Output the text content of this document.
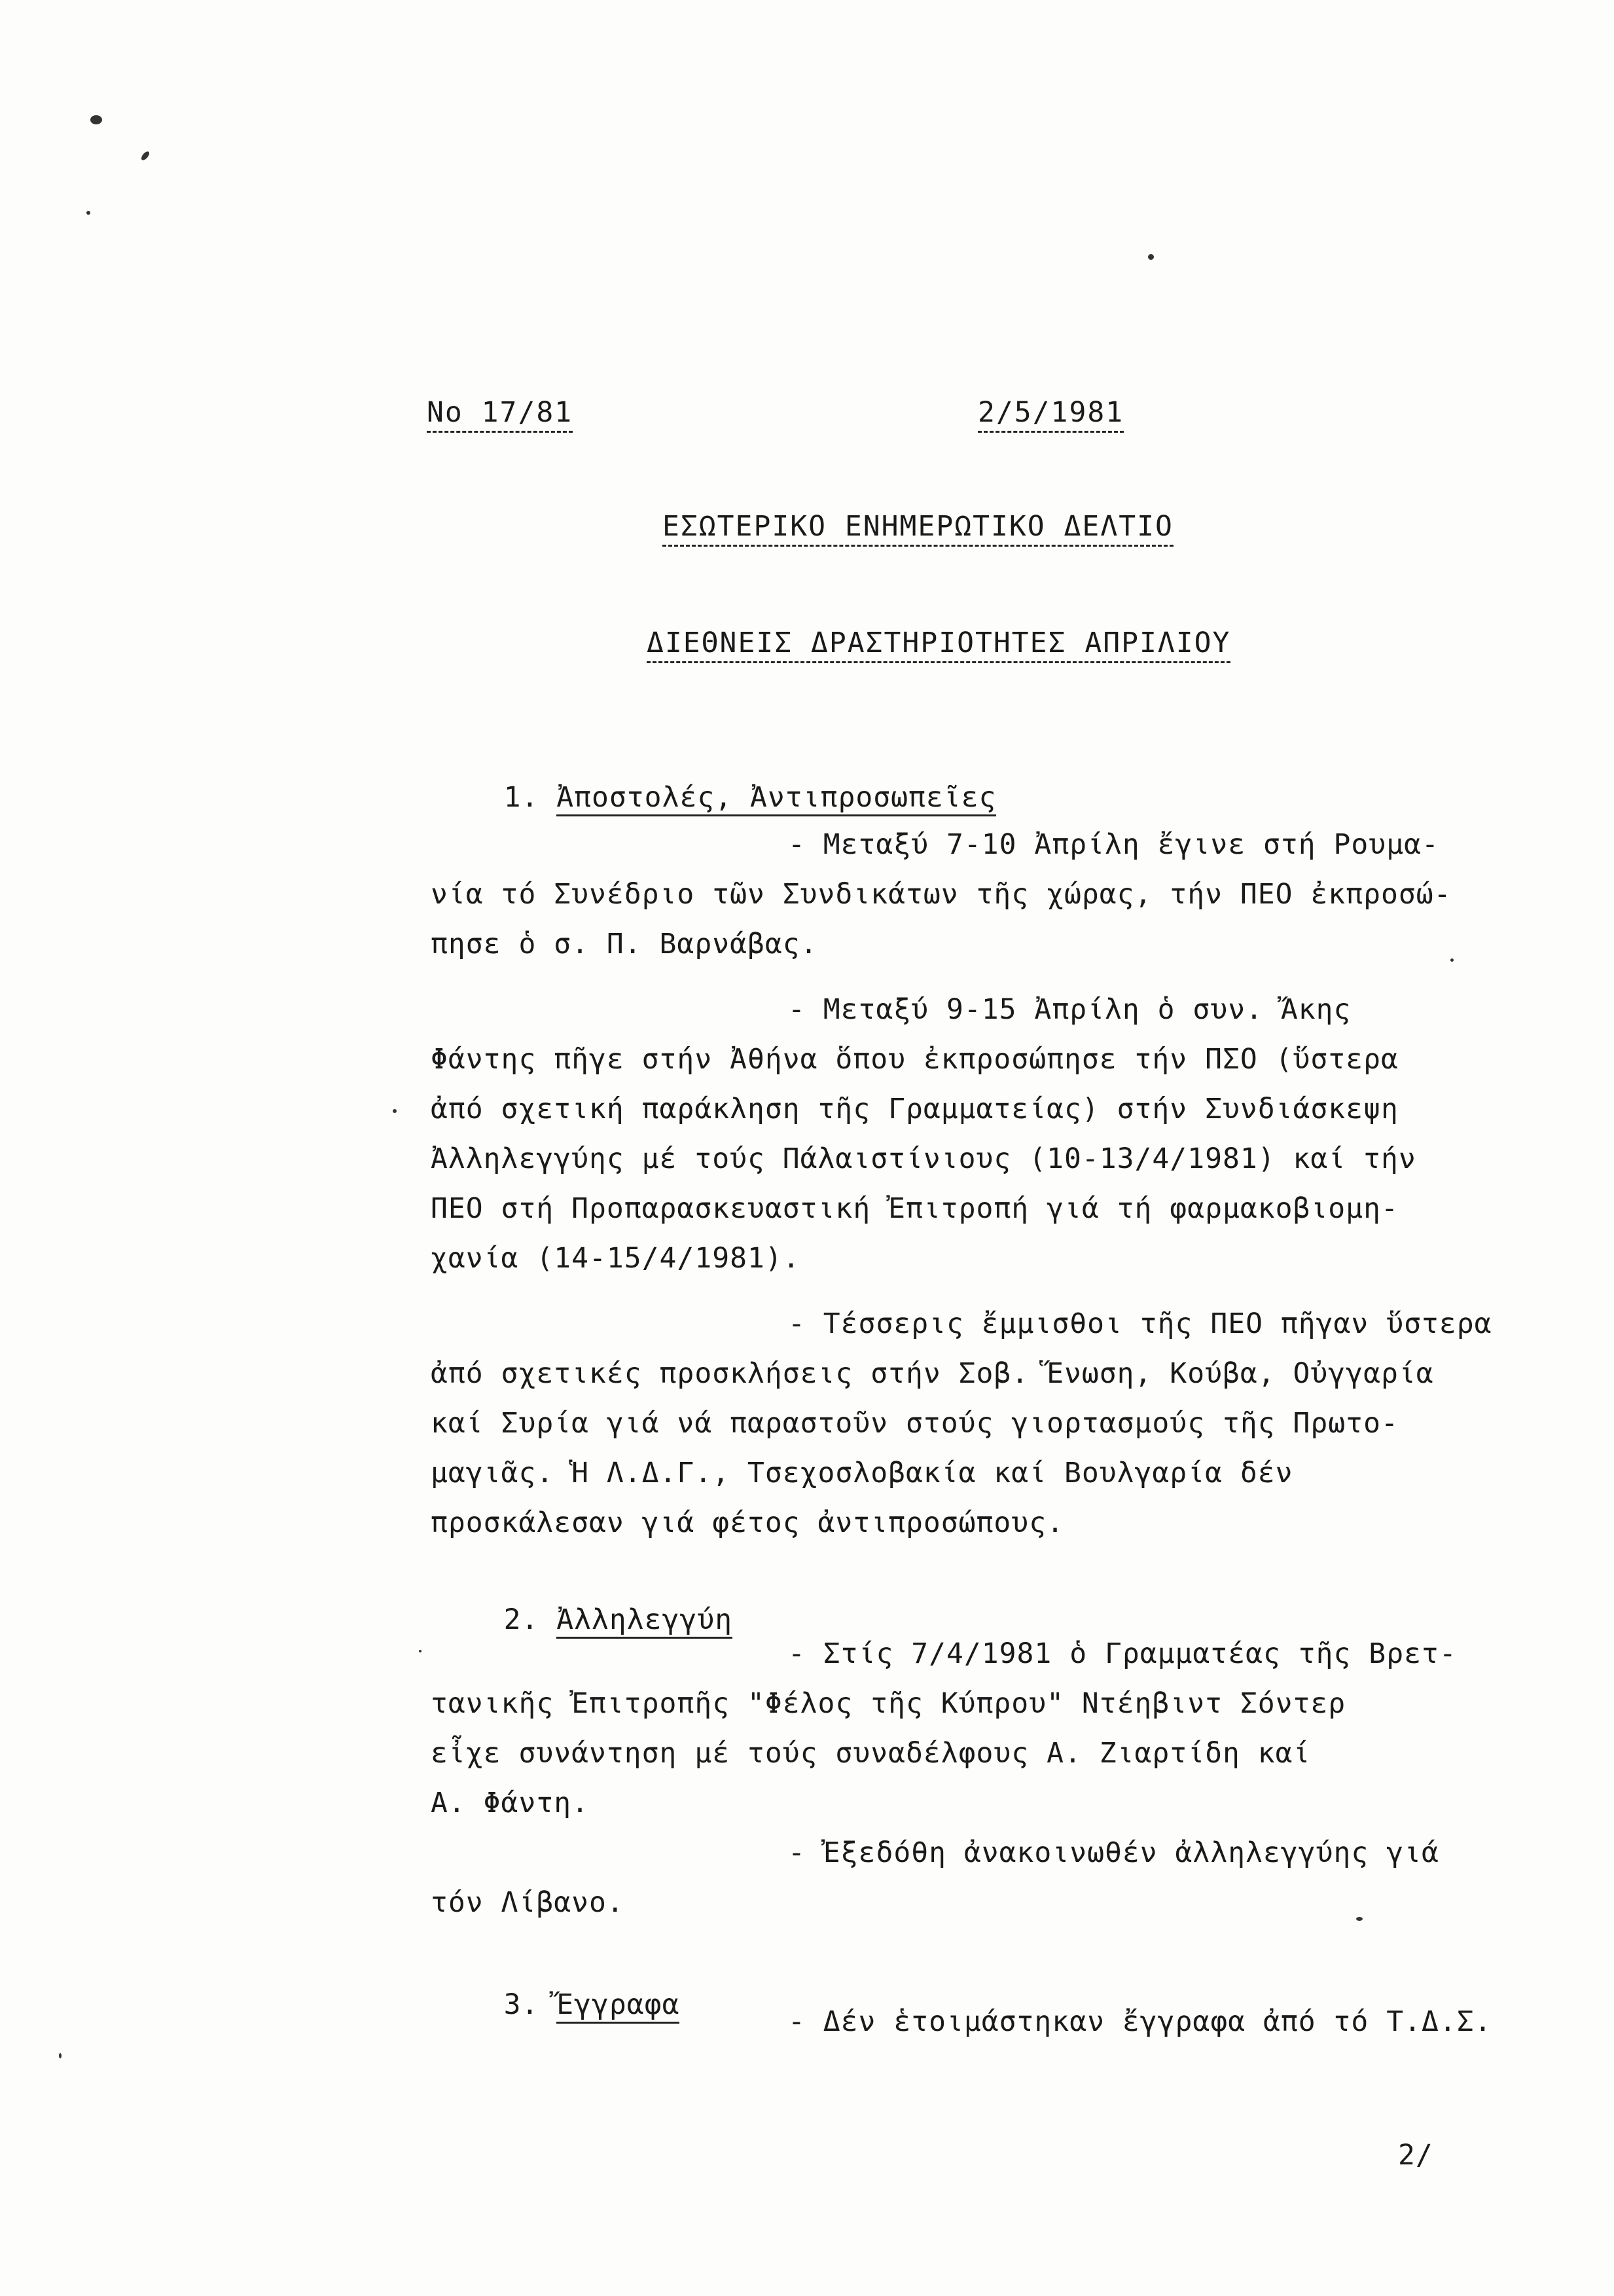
No 17/81	2/5/1981
ΕΣΩΤΕΡΙΚΟ ΕΝΗΜΕΡΩΤΙΚΟ ΔΕΛΤΙΟ
ΔΙΕΘΝΕΙΣ ΔΡΑΣΤΗΡΙΟΤΗΤΕΣ ΑΠΡΙΛΙΟΥ

1. Ἀποστολές, Ἀντιπροσωπεῖες

- Μεταξύ 7-10 Ἀπρίλη ἔγινε στή Ρουμα-
νία τό Συνέδριο τῶν Συνδικάτων τῆς χώρας, τήν ΠΕΟ ἐκπροσώ-
πησε ὁ σ. Π. Βαρνάβας.
- Μεταξύ 9-15 Ἀπρίλη ὁ συν. Ἄκης
Φάντης πῆγε στήν Ἀθήνα ὅπου ἐκπροσώπησε τήν ΠΣΟ (ὕστερα
ἀπό σχετική παράκληση τῆς Γραμματείας) στήν Συνδιάσκεψη
Ἀλληλεγγύης μέ τούς Πάλαιστίνιους (10-13/4/1981) καί τήν
ΠΕΟ στή Προπαρασκευαστική Ἐπιτροπή γιά τή φαρμακοβιομη-
χανία (14-15/4/1981).
- Τέσσερις ἔμμισθοι τῆς ΠΕΟ πῆγαν ὕστερα
ἀπό σχετικές προσκλήσεις στήν Σοβ. Ἕνωση, Κούβα, Οὐγγαρία
καί Συρία γιά νά παραστοῦν στούς γιορτασμούς τῆς Πρωτο-
μαγιᾶς. Ἡ Λ.Δ.Γ., Τσεχοσλοβακία καί Βουλγαρία δέν
προσκάλεσαν γιά φέτος ἀντιπροσώπους.

2. Ἀλληλεγγύη

- Στίς 7/4/1981 ὁ Γραμματέας τῆς Βρετ-
τανικῆς Ἐπιτροπῆς "Φέλος τῆς Κύπρου" Ντέηβιντ Σόντερ
εἶχε συνάντηση μέ τούς συναδέλφους Α. Ζιαρτίδη καί
Α. Φάντη.
- Ἐξεδόθη ἀνακοινωθέν ἀλληλεγγύης γιά
τόν Λίβανο.

3. Ἔγγραφα

- Δέν ἑτοιμάστηκαν ἔγγραφα ἀπό τό Τ.Δ.Σ.
2/
